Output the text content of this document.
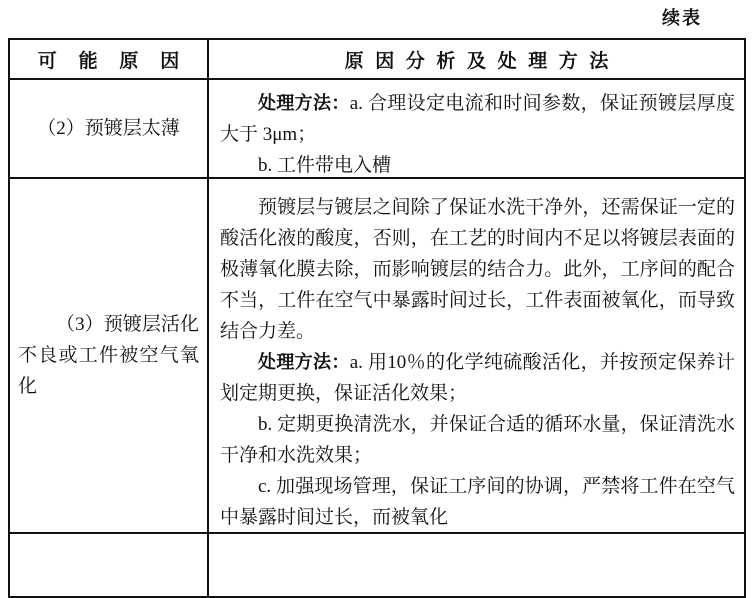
续表
可 能 原 因	原 因 分 析 及 处 理 方 法
（2）预镀层太薄

处理方法：a. 合理设定电流和时间参数，保证预镀层厚度大于 3μm；

b. 工件带电入槽

（3）预镀层活化不良或工件被空气氧化

预镀层与镀层之间除了保证水洗干净外，还需保证一定的酸活化液的酸度，否则，在工艺的时间内不足以将镀层表面的极薄氧化膜去除，而影响镀层的结合力。此外，工序间的配合不当，工件在空气中暴露时间过长，工件表面被氧化，而导致结合力差。

处理方法：a. 用10％的化学纯硫酸活化，并按预定保养计划定期更换，保证活化效果；

b. 定期更换清洗水，并保证合适的循环水量，保证清洗水干净和水洗效果；

c. 加强现场管理，保证工序间的协调，严禁将工件在空气中暴露时间过长，而被氧化
